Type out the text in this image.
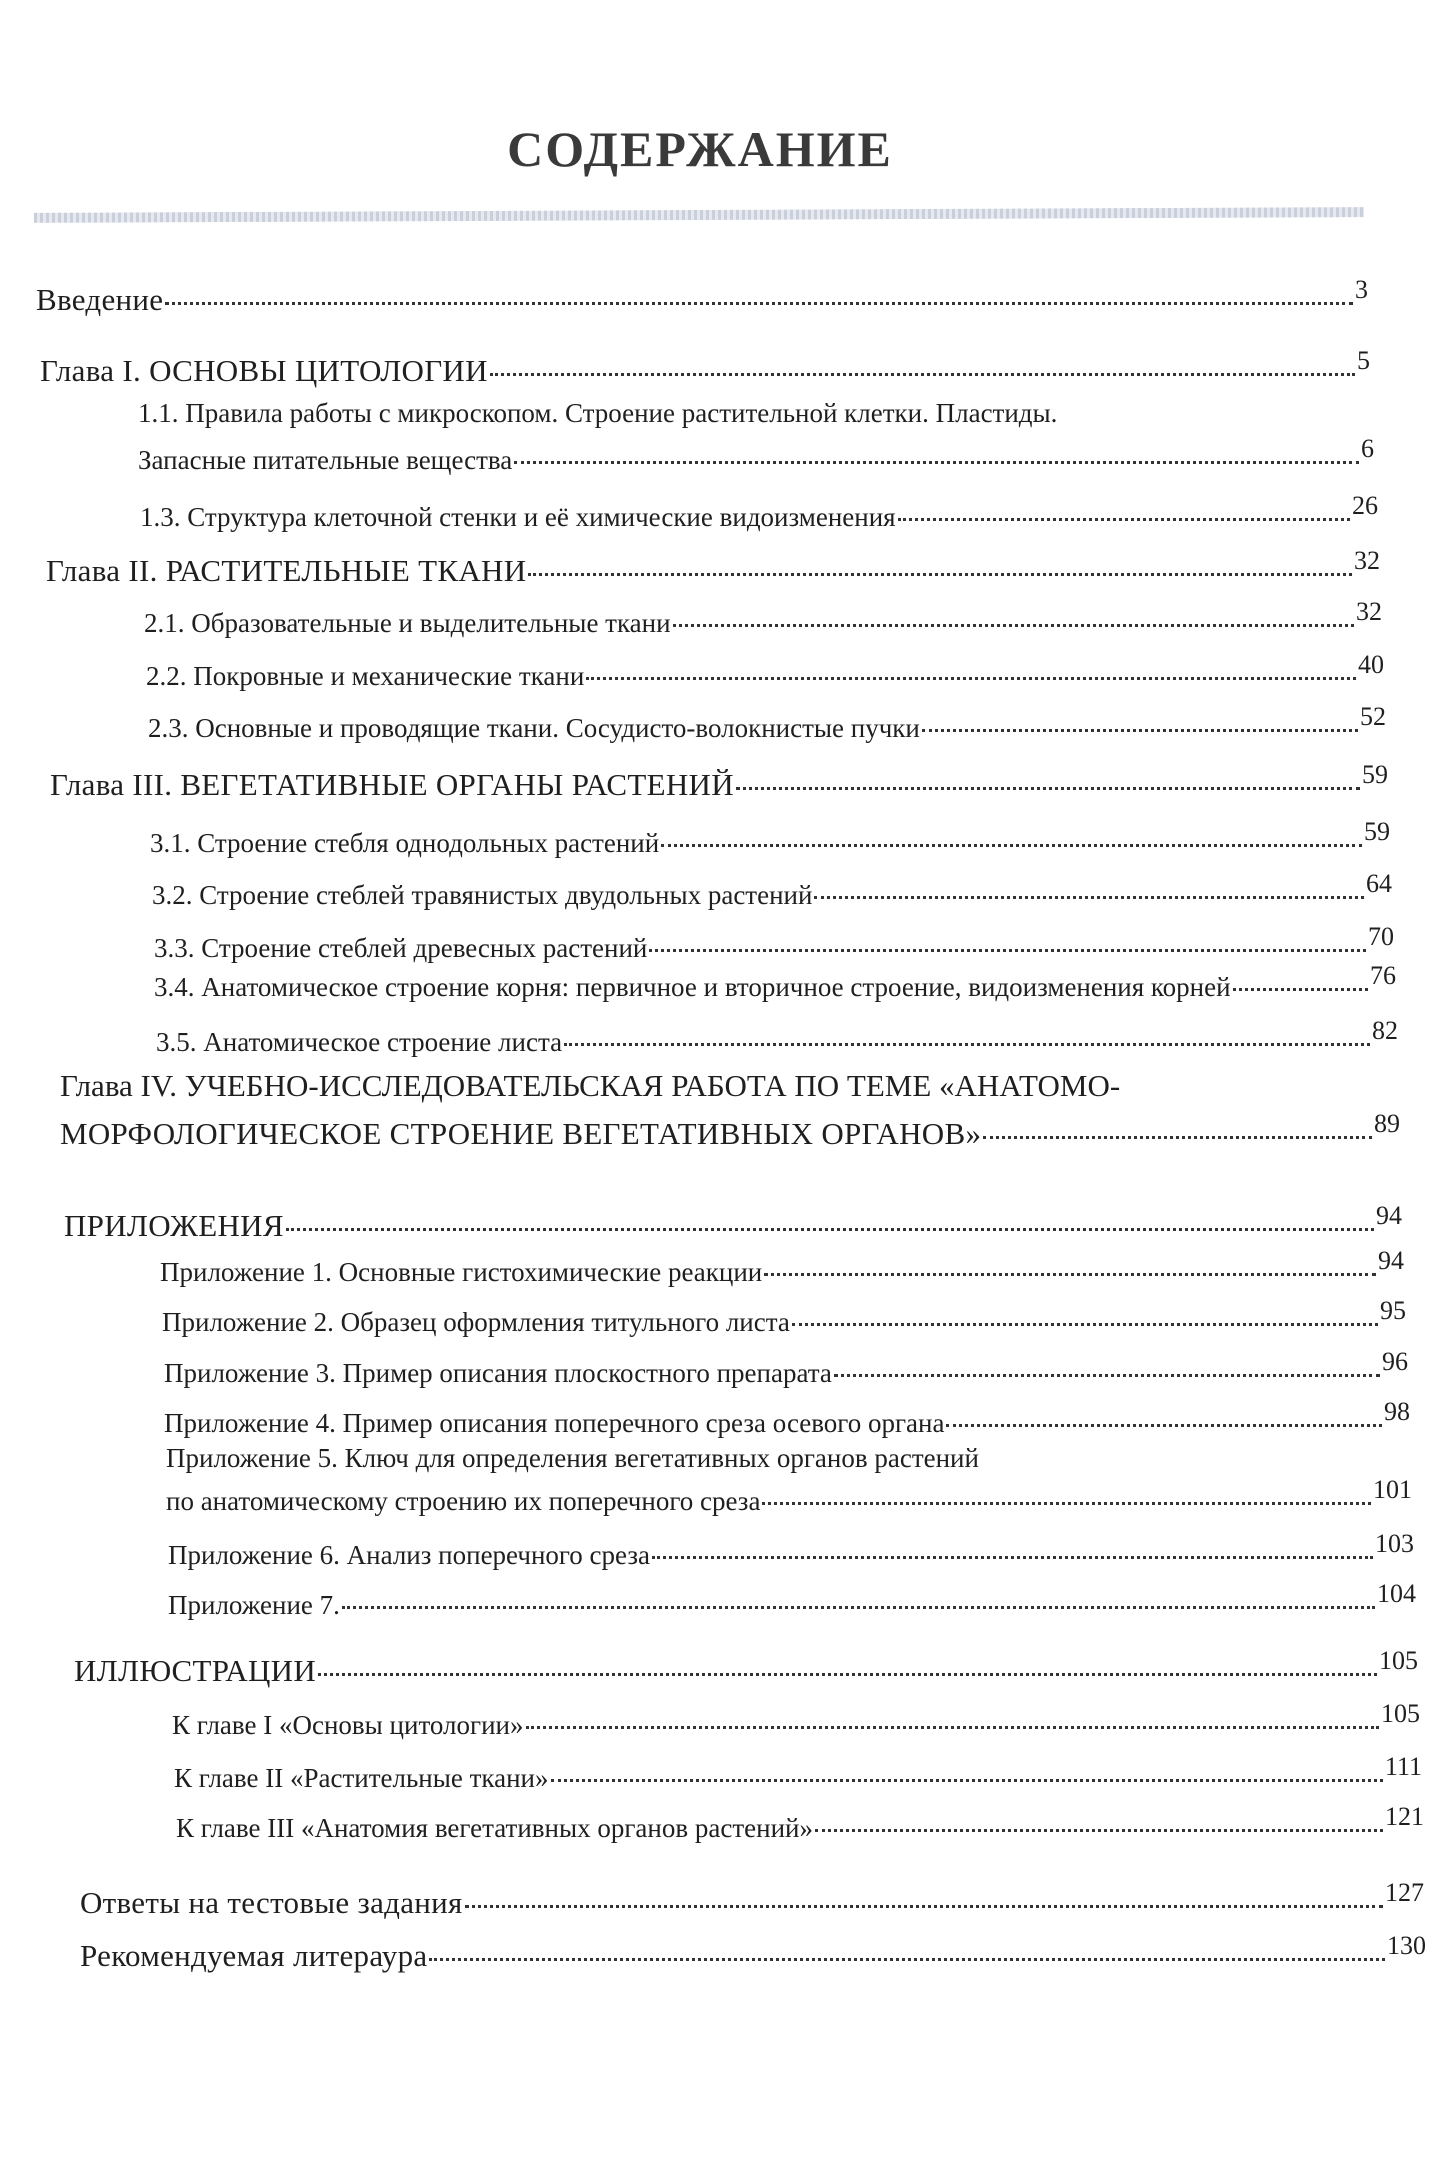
СОДЕРЖАНИЕ
Введение	3
Глава I. ОСНОВЫ ЦИТОЛОГИИ	5
1.1. Правила работы с микроскопом. Строение растительной клетки. Пластиды.
Запасные питательные вещества	6
1.3. Структура клеточной стенки и её химические видоизменения	26
Глава II. РАСТИТЕЛЬНЫЕ ТКАНИ	32
2.1. Образовательные и выделительные ткани	32
2.2. Покровные и механические ткани	40
2.3. Основные и проводящие ткани. Сосудисто-волокнистые пучки	52
Глава III. ВЕГЕТАТИВНЫЕ ОРГАНЫ РАСТЕНИЙ	59
3.1. Строение стебля однодольных растений	59
3.2. Строение стеблей травянистых двудольных растений	64
3.3. Строение стеблей древесных растений	70
3.4. Анатомическое строение корня: первичное и вторичное строение, видоизменения корней	76
3.5. Анатомическое строение листа	82
Глава IV. УЧЕБНО-ИССЛЕДОВАТЕЛЬСКАЯ РАБОТА ПО ТЕМЕ «АНАТОМО-
МОРФОЛОГИЧЕСКОЕ СТРОЕНИЕ ВЕГЕТАТИВНЫХ ОРГАНОВ»	89
ПРИЛОЖЕНИЯ	94
Приложение 1. Основные гистохимические реакции	94
Приложение 2. Образец оформления титульного листа	95
Приложение 3. Пример описания плоскостного препарата	96
Приложение 4. Пример описания поперечного среза осевого органа	98
Приложение 5. Ключ для определения вегетативных органов растений
по анатомическому строению их поперечного среза	101
Приложение 6. Анализ поперечного среза	103
Приложение 7.	104
ИЛЛЮСТРАЦИИ	105
К главе I «Основы цитологии»	105
К главе II «Растительные ткани»	111
К главе III «Анатомия вегетативных органов растений»	121
Ответы на тестовые задания	127
Рекомендуемая литераура	130
